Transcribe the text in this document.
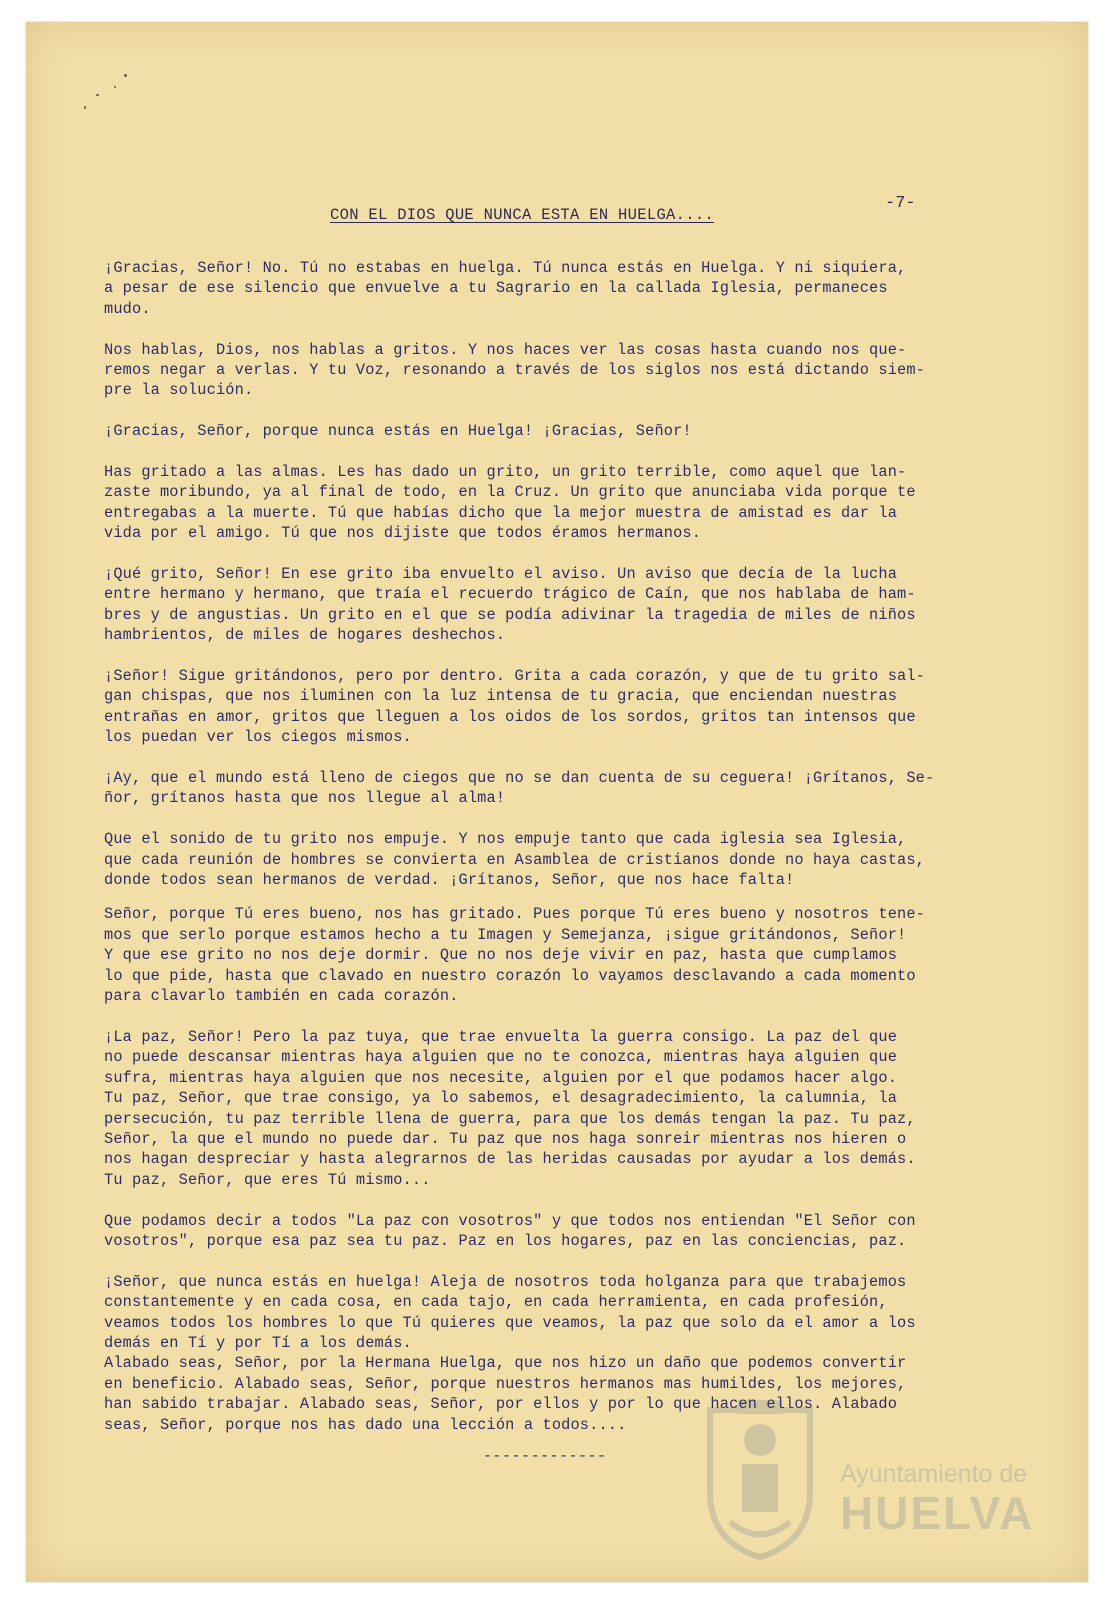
-7-
CON EL DIOS QUE NUNCA ESTA EN HUELGA....

¡Gracias, Señor! No. Tú no estabas en huelga. Tú nunca estás en Huelga. Y ni siquiera,
a pesar de ese silencio que envuelve a tu Sagrario en la callada Iglesia, permaneces
mudo.

Nos hablas, Dios, nos hablas a gritos. Y nos haces ver las cosas hasta cuando nos que-
remos negar a verlas. Y tu Voz, resonando a través de los siglos nos está dictando siem-
pre la solución.

¡Gracias, Señor, porque nunca estás en Huelga! ¡Gracias, Señor!

Has gritado a las almas. Les has dado un grito, un grito terrible, como aquel que lan-
zaste moribundo, ya al final de todo, en la Cruz. Un grito que anunciaba vida porque te
entregabas a la muerte. Tú que habías dicho que la mejor muestra de amistad es dar la
vida por el amigo. Tú que nos dijiste que todos éramos hermanos.

¡Qué grito, Señor! En ese grito iba envuelto el aviso. Un aviso que decía de la lucha
entre hermano y hermano, que traía el recuerdo trágico de Caín, que nos hablaba de ham-
bres y de angustias. Un grito en el que se podía adivinar la tragedia de miles de niños
hambrientos, de miles de hogares deshechos.

¡Señor! Sigue gritándonos, pero por dentro. Grita a cada corazón, y que de tu grito sal-
gan chispas, que nos iluminen con la luz intensa de tu gracia, que enciendan nuestras
entrañas en amor, gritos que lleguen a los oidos de los sordos, gritos tan intensos que
los puedan ver los ciegos mismos.

¡Ay, que el mundo está lleno de ciegos que no se dan cuenta de su ceguera! ¡Grítanos, Se-
ñor, grítanos hasta que nos llegue al alma!

Que el sonido de tu grito nos empuje. Y nos empuje tanto que cada iglesia sea Iglesia,
que cada reunión de hombres se convierta en Asamblea de cristianos donde no haya castas,
donde todos sean hermanos de verdad. ¡Grítanos, Señor, que nos hace falta!

Señor, porque Tú eres bueno, nos has gritado. Pues porque Tú eres bueno y nosotros tene-
mos que serlo porque estamos hecho a tu Imagen y Semejanza, ¡sigue gritándonos, Señor!
Y que ese grito no nos deje dormir. Que no nos deje vivir en paz, hasta que cumplamos
lo que pide, hasta que clavado en nuestro corazón lo vayamos desclavando a cada momento
para clavarlo también en cada corazón.

¡La paz, Señor! Pero la paz tuya, que trae envuelta la guerra consigo. La paz del que
no puede descansar mientras haya alguien que no te conozca, mientras haya alguien que
sufra, mientras haya alguien que nos necesite, alguien por el que podamos hacer algo.
Tu paz, Señor, que trae consigo, ya lo sabemos, el desagradecimiento, la calumnia, la
persecución, tu paz terrible llena de guerra, para que los demás tengan la paz. Tu paz,
Señor, la que el mundo no puede dar. Tu paz que nos haga sonreir mientras nos hieren o
nos hagan despreciar y hasta alegrarnos de las heridas causadas por ayudar a los demás.
Tu paz, Señor, que eres Tú mismo...

Que podamos decir a todos "La paz con vosotros" y que todos nos entiendan "El Señor con
vosotros", porque esa paz sea tu paz. Paz en los hogares, paz en las conciencias, paz.

¡Señor, que nunca estás en huelga! Aleja de nosotros toda holganza para que trabajemos
constantemente y en cada cosa, en cada tajo, en cada herramienta, en cada profesión,
veamos todos los hombres lo que Tú quieres que veamos, la paz que solo da el amor a los
demás en Tí y por Tí a los demás.
Alabado seas, Señor, por la Hermana Huelga, que nos hizo un daño que podemos convertir
en beneficio. Alabado seas, Señor, porque nuestros hermanos mas humildes, los mejores,
han sabido trabajar. Alabado seas, Señor, por ellos y por lo que hacen ellos. Alabado
seas, Señor, porque nos has dado una lección a todos....

-------------
Ayuntamiento de
HUELVA
